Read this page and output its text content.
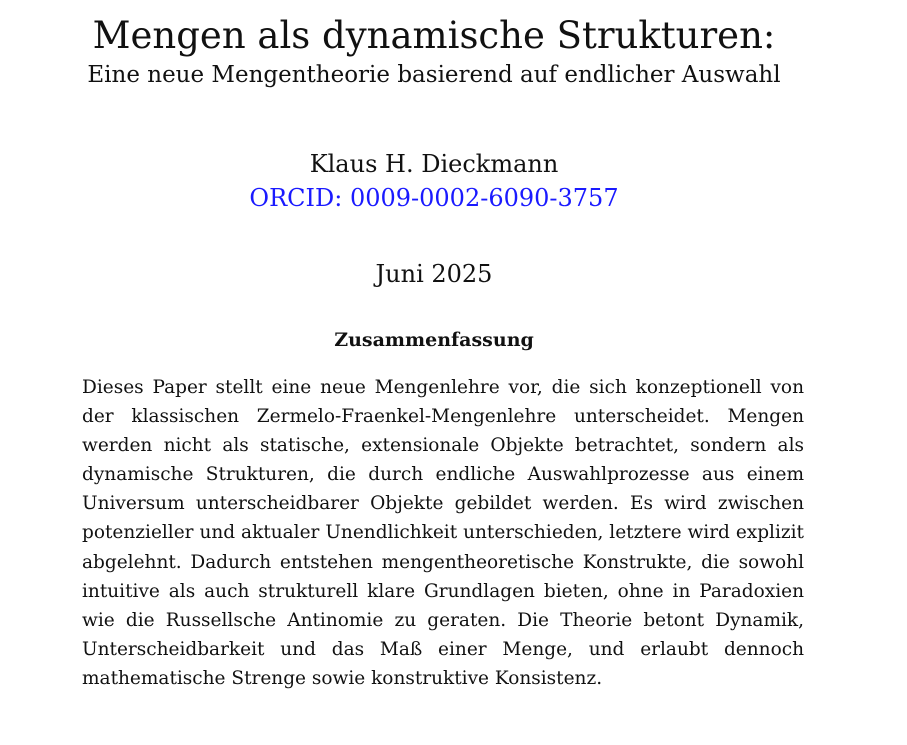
Mengen als dynamische Strukturen:
Eine neue Mengentheorie basierend auf endlicher Auswahl
Klaus H. Dieckmann
ORCID: 0009-0002-6090-3757
Juni 2025
Zusammenfassung
Dieses Paper stellt eine neue Mengenlehre vor, die sich konzeptionell von der klassischen Zermelo-Fraenkel-Mengenlehre unterscheidet. Mengen werden nicht als statische, extensionale Objekte betrachtet, sondern als dynamische Strukturen, die durch endliche Auswahlprozesse aus einem Universum unterscheidbarer Objekte gebildet werden. Es wird zwischen potenzieller und aktualer Unendlichkeit unterschieden, letztere wird explizit abgelehnt. Dadurch entstehen mengentheoretische Konstrukte, die sowohl intuitive als auch strukturell klare Grundlagen bieten, ohne in Paradoxien wie die Russellsche Antinomie zu geraten. Die Theorie betont Dynamik, Unterscheidbarkeit und das Maß einer Menge, und erlaubt dennoch mathematische Strenge sowie konstruktive Konsistenz.
